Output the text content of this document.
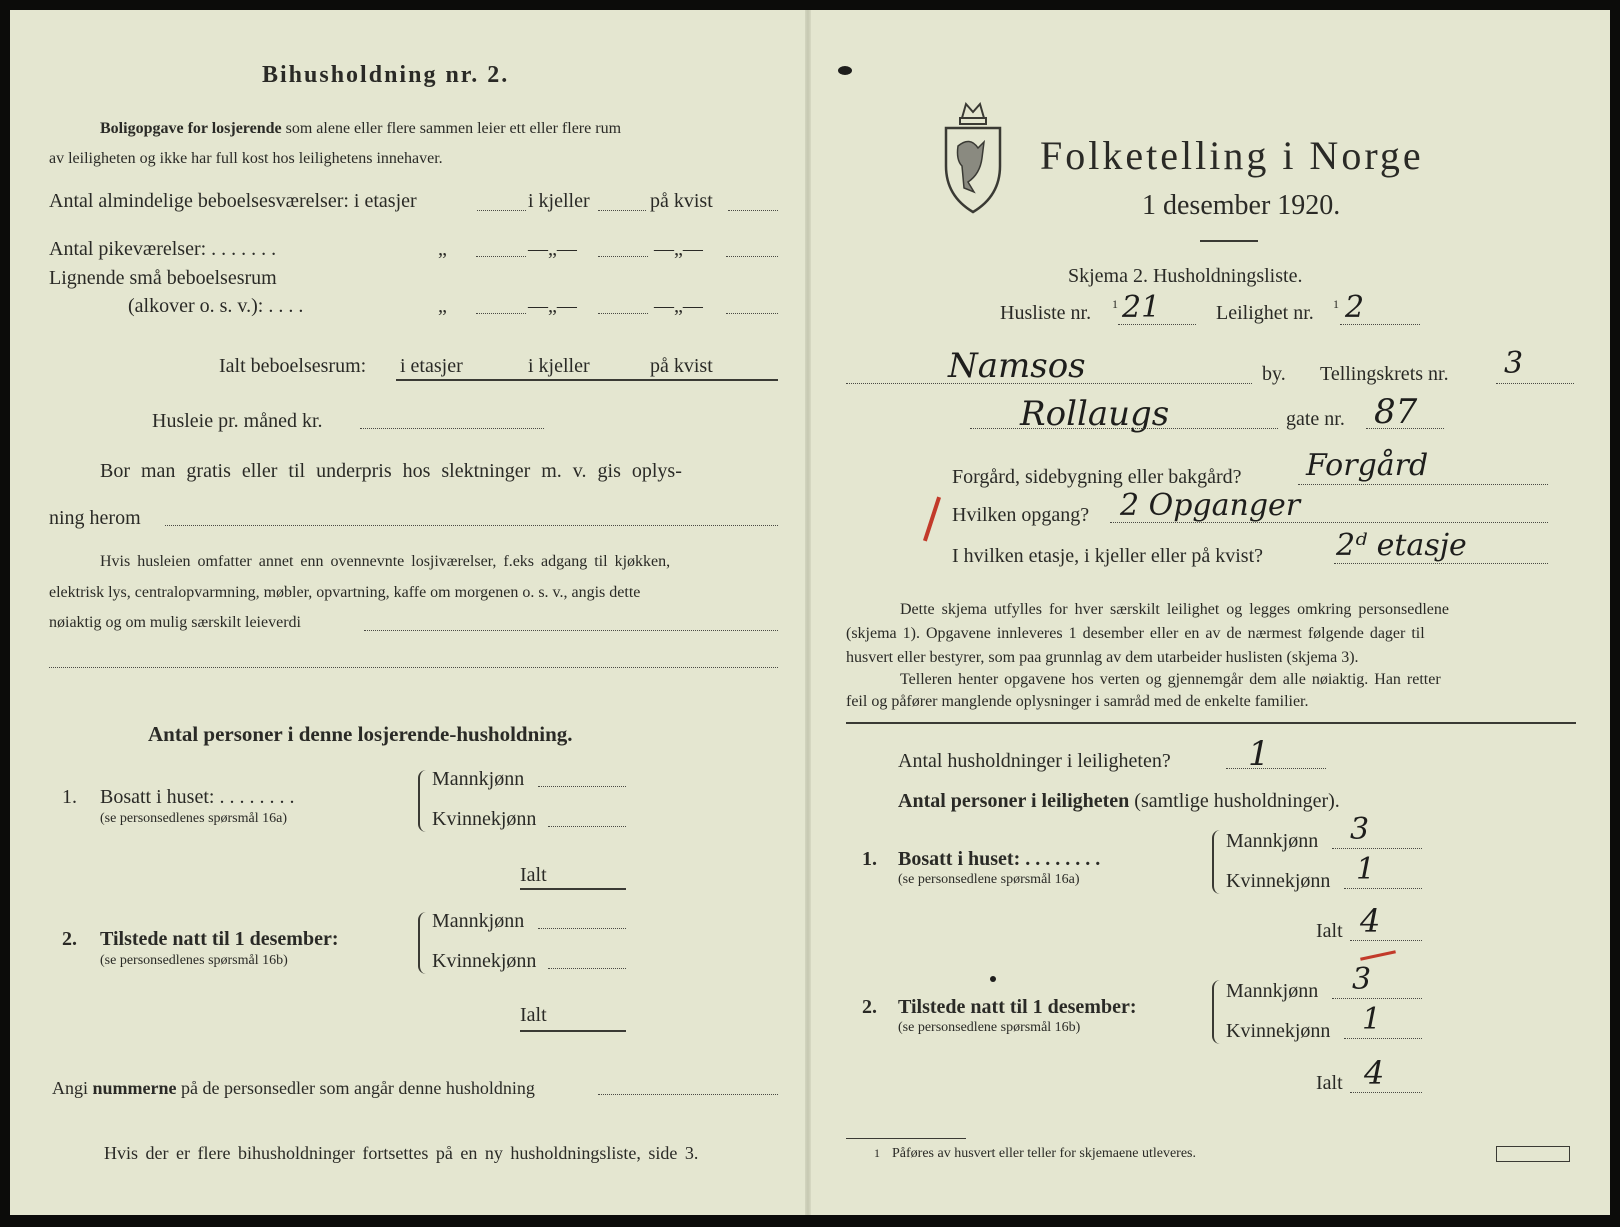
Bihusholdning nr. 2.
Boligopgave for losjerende som alene eller flere sammen leier ett eller flere rum
av leiligheten og ikke har full kost hos leilighetens innehaver.
Antal almindelige beboelsesværelser: i etasjer	i kjeller	på kvist
Antal pikeværelser: . . . . . . .	„	—„—	—„—
Lignende små beboelsesrum
(alkover o. s. v.): . . . .	„	—„—	—„—
Ialt beboelsesrum: i etasjer	i kjeller	på kvist
Husleie pr. måned kr.
Bor man gratis eller til underpris hos slektninger m. v. gis oplys-
ning herom
Hvis husleien omfatter annet enn ovennevnte losjiværelser, f.eks adgang til kjøkken,
elektrisk lys, centralopvarmning, møbler, opvartning, kaffe om morgenen o. s. v., angis dette
nøiaktig og om mulig særskilt leieverdi
Antal personer i denne losjerende-husholdning.
1. Bosatt i huset: . . . . . . . .
(se personsedlenes spørsmål 16a)
Mannkjønn
Kvinnekjønn
Ialt
2. Tilstede natt til 1 desember:
(se personsedlenes spørsmål 16b)
Mannkjønn
Kvinnekjønn
Ialt
Angi nummerne på de personsedler som angår denne husholdning
Hvis der er flere bihusholdninger fortsettes på en ny husholdningsliste, side 3.
Folketelling i Norge
1 desember 1920.
Skjema 2. Husholdningsliste.
Husliste nr. 1 21	Leilighet nr. 1 2
Namsos	by. Tellingskrets nr. 3
Rollaugs	gate nr. 87
Forgård, sidebygning eller bakgård? Forgård
Hvilken opgang? 2 Opganger
I hvilken etasje, i kjeller eller på kvist? 2ᵈ etasje
Dette skjema utfylles for hver særskilt leilighet og legges omkring personsedlene
(skjema 1). Opgavene innleveres 1 desember eller en av de nærmest følgende dager til
husvert eller bestyrer, som paa grunnlag av dem utarbeider huslisten (skjema 3).
Telleren henter opgavene hos verten og gjennemgår dem alle nøiaktig. Han retter
feil og påfører manglende oplysninger i samråd med de enkelte familier.
Antal husholdninger i leiligheten? 1
Antal personer i leiligheten (samtlige husholdninger).
1. Bosatt i huset: . . . . . . . .
(se personsedlene spørsmål 16a)
Mannkjønn 3
Kvinnekjønn 1
Ialt 4
2. Tilstede natt til 1 desember:
(se personsedlene spørsmål 16b)
Mannkjønn 3
Kvinnekjønn 1
Ialt 4
1 Påføres av husvert eller teller for skjemaene utleveres.
